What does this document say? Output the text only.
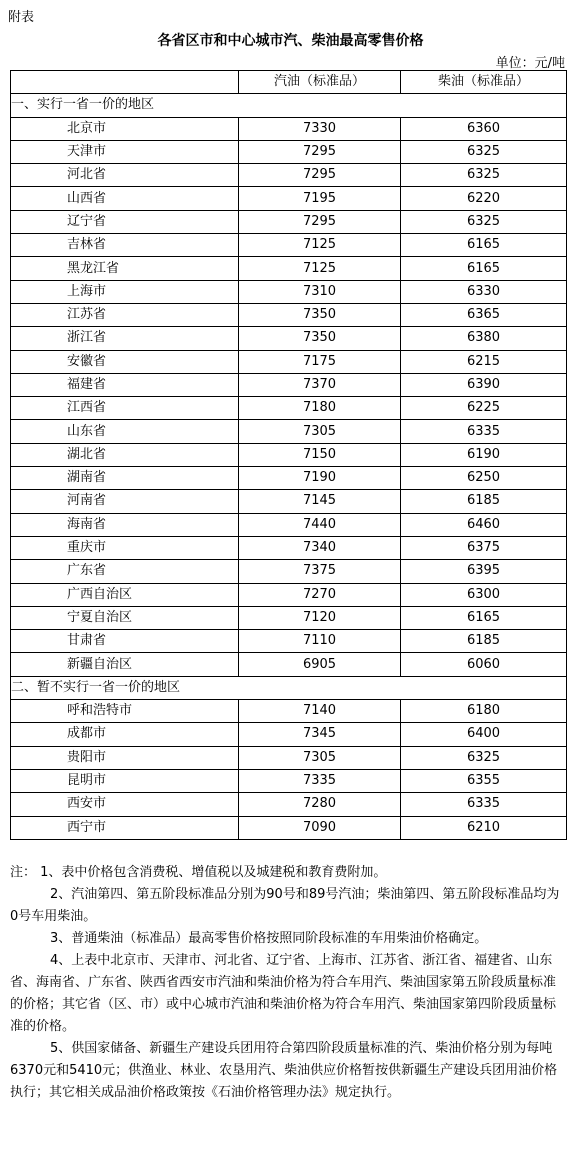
附表
各省区市和中心城市汽、柴油最高零售价格
单位：元/吨
	汽油（标准品）	柴油（标准品）
一、实行一省一价的地区		
北京市	7330	6360
天津市	7295	6325
河北省	7295	6325
山西省	7195	6220
辽宁省	7295	6325
吉林省	7125	6165
黑龙江省	7125	6165
上海市	7310	6330
江苏省	7350	6365
浙江省	7350	6380
安徽省	7175	6215
福建省	7370	6390
江西省	7180	6225
山东省	7305	6335
湖北省	7150	6190
湖南省	7190	6250
河南省	7145	6185
海南省	7440	6460
重庆市	7340	6375
广东省	7375	6395
广西自治区	7270	6300
宁夏自治区	7120	6165
甘肃省	7110	6185
新疆自治区	6905	6060
二、暂不实行一省一价的地区		
呼和浩特市	7140	6180
成都市	7345	6400
贵阳市	7305	6325
昆明市	7335	6355
西安市	7280	6335
西宁市	7090	6210

注： 1、表中价格包含消费税、增值税以及城建税和教育费附加。

2、汽油第四、第五阶段标准品分别为90号和89号汽油；柴油第四、第五阶段标准品均为0号车用柴油。

3、普通柴油（标准品）最高零售价格按照同阶段标准的车用柴油价格确定。

4、上表中北京市、天津市、河北省、辽宁省、上海市、江苏省、浙江省、福建省、山东省、海南省、广东省、陕西省西安市汽油和柴油价格为符合车用汽、柴油国家第五阶段质量标准的价格；其它省（区、市）或中心城市汽油和柴油价格为符合车用汽、柴油国家第四阶段质量标准的价格。

5、供国家储备、新疆生产建设兵团用符合第四阶段质量标准的汽、柴油价格分别为每吨6370元和5410元；供渔业、林业、农垦用汽、柴油供应价格暂按供新疆生产建设兵团用油价格执行；其它相关成品油价格政策按《石油价格管理办法》规定执行。
